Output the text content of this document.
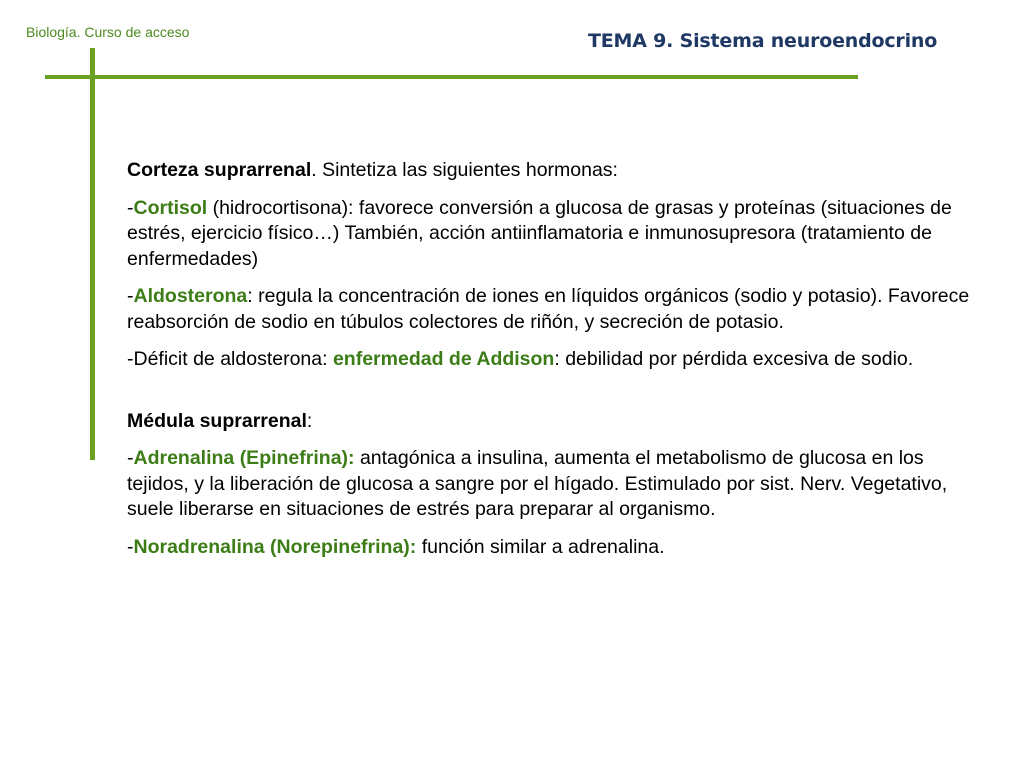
Biología. Curso de acceso	TEMA 9. Sistema neuroendocrino

Corteza suprarrenal. Sintetiza las siguientes hormonas:

-Cortisol (hidrocortisona): favorece conversión a glucosa de grasas y proteínas (situaciones de estrés, ejercicio físico…) También, acción antiinflamatoria e inmunosupresora (tratamiento de enfermedades)

-Aldosterona: regula la concentración de iones en líquidos orgánicos (sodio y potasio). Favorece reabsorción de sodio en túbulos colectores de riñón, y secreción de potasio.

-Déficit de aldosterona: enfermedad de Addison: debilidad por pérdida excesiva de sodio.

Médula suprarrenal:

-Adrenalina (Epinefrina): antagónica a insulina, aumenta el metabolismo de glucosa en los tejidos, y la liberación de glucosa a sangre por el hígado. Estimulado por sist. Nerv. Vegetativo, suele liberarse en situaciones de estrés para preparar al organismo.

-Noradrenalina (Norepinefrina): función similar a adrenalina.
